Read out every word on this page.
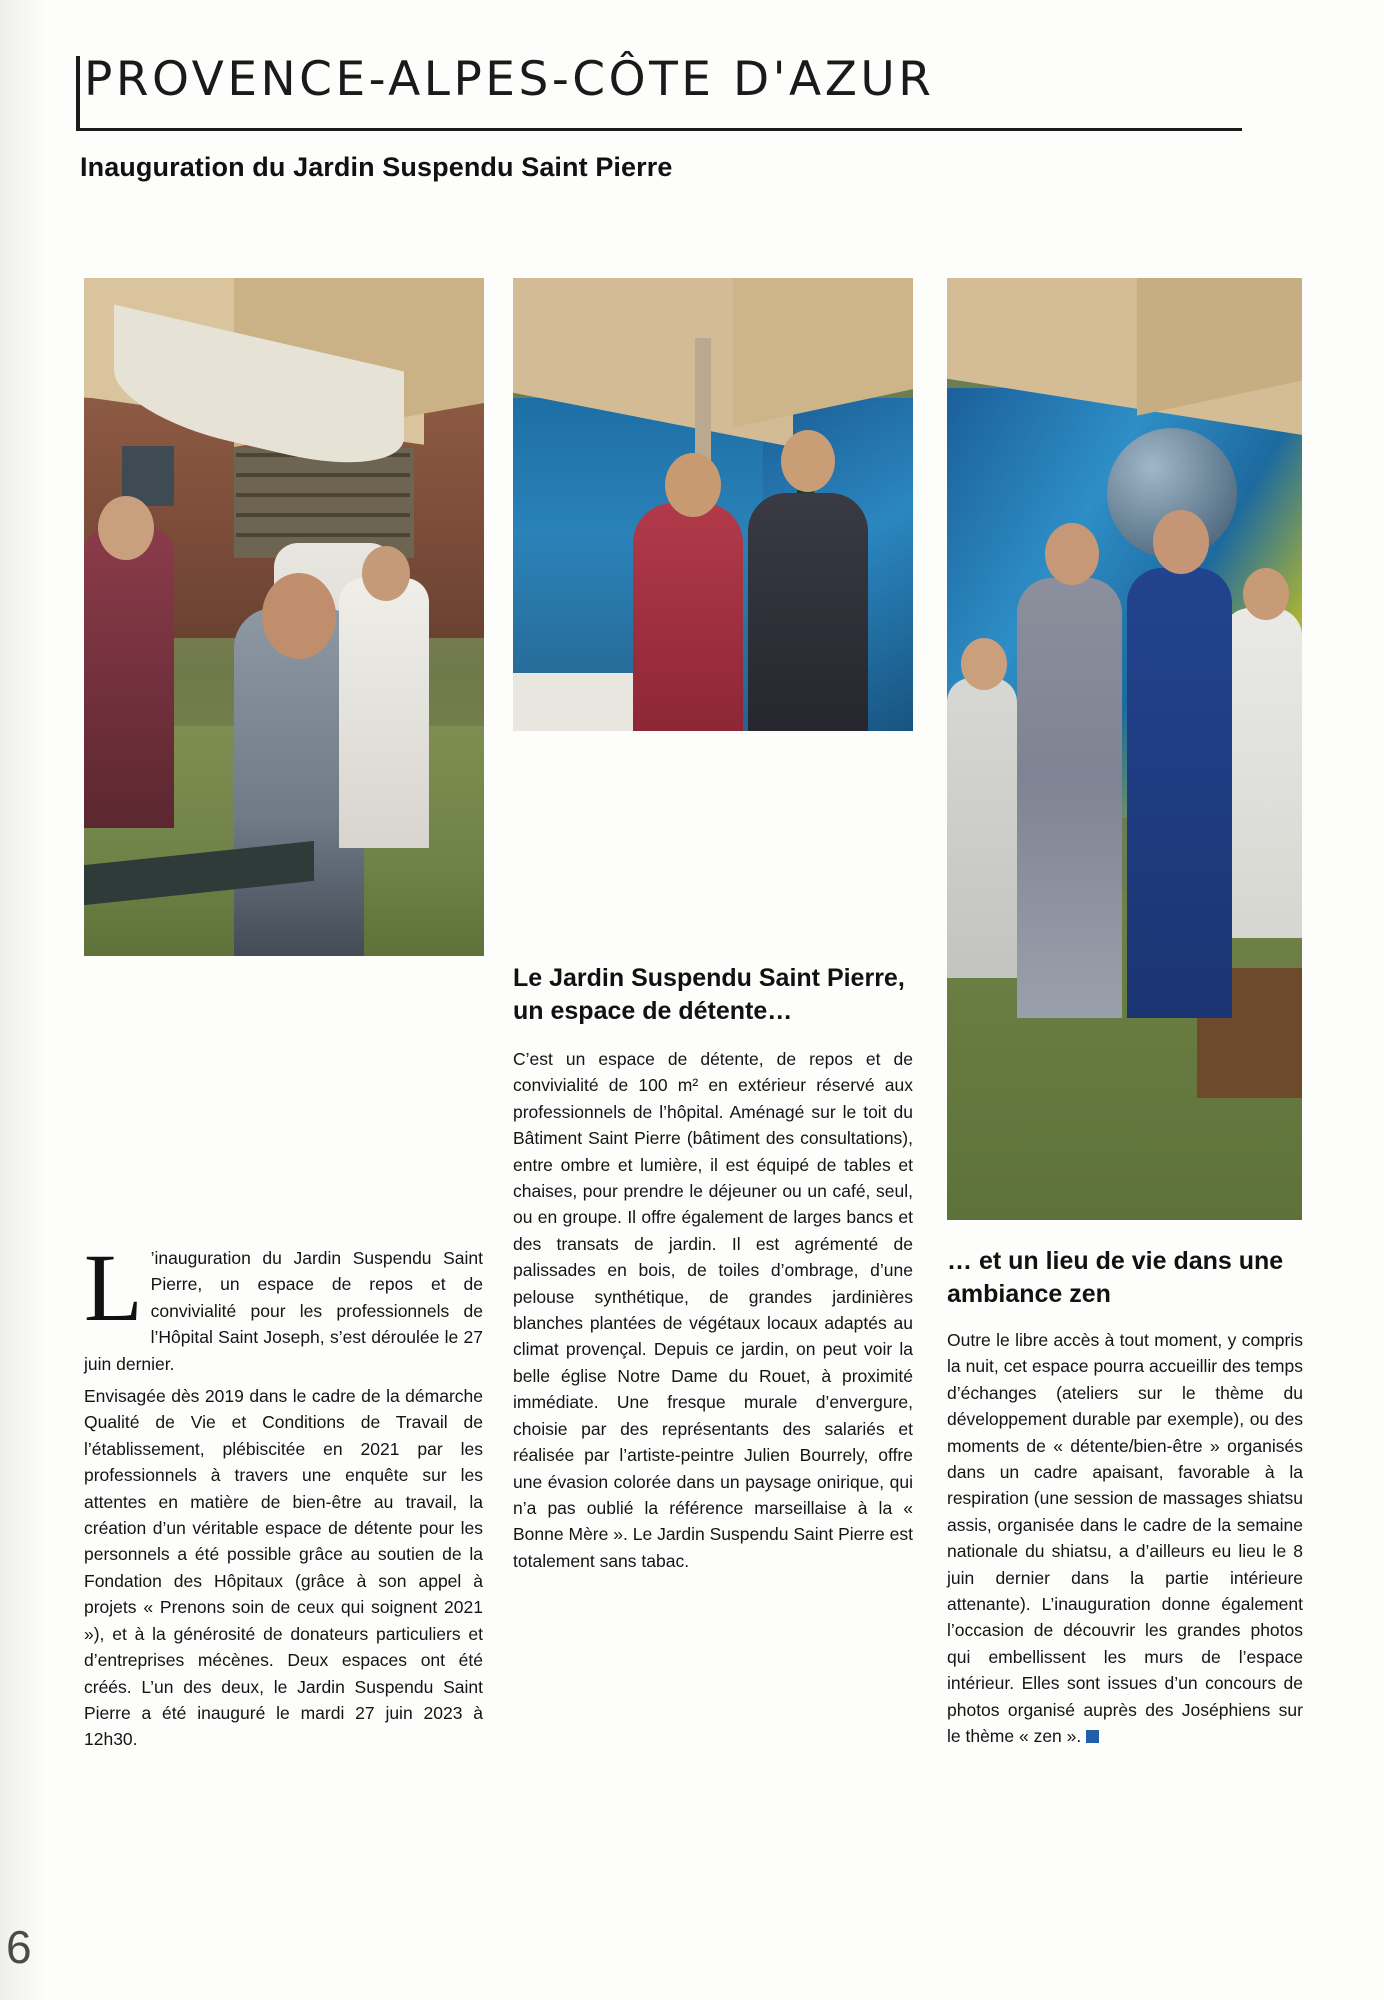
PROVENCE-ALPES-CÔTE D'AZUR
Inauguration du Jardin Suspendu Saint Pierre

L ’inauguration du Jardin Suspendu Saint Pierre, un espace de repos et de convivialité pour les professionnels de l’Hôpital Saint Joseph, s’est déroulée le 27 juin dernier.

Envisagée dès 2019 dans le cadre de la démarche Qualité de Vie et Conditions de Travail de l’établissement, plébiscitée en 2021 par les professionnels à travers une enquête sur les attentes en matière de bien-être au travail, la création d’un véritable espace de détente pour les personnels a été possible grâce au soutien de la Fondation des Hôpitaux (grâce à son appel à projets « Prenons soin de ceux qui soignent 2021 »), et à la générosité de donateurs particuliers et d’entreprises mécènes. Deux espaces ont été créés. L’un des deux, le Jardin Suspendu Saint Pierre a été inauguré le mardi 27 juin 2023 à 12h30.

Le Jardin Suspendu Saint Pierre, un espace de détente…

C’est un espace de détente, de repos et de convivialité de 100 m² en extérieur réservé aux professionnels de l’hôpital. Aménagé sur le toit du Bâtiment Saint Pierre (bâtiment des consultations), entre ombre et lumière, il est équipé de tables et chaises, pour prendre le déjeuner ou un café, seul, ou en groupe. Il offre également de larges bancs et des transats de jardin. Il est agrémenté de palissades en bois, de toiles d’ombrage, d’une pelouse synthétique, de grandes jardinières blanches plantées de végétaux locaux adaptés au climat provençal. Depuis ce jardin, on peut voir la belle église Notre Dame du Rouet, à proximité immédiate. Une fresque murale d’envergure, choisie par des représentants des salariés et réalisée par l’artiste-peintre Julien Bourrely, offre une évasion colorée dans un paysage onirique, qui n’a pas oublié la référence marseillaise à la « Bonne Mère ». Le Jardin Suspendu Saint Pierre est totalement sans tabac.

… et un lieu de vie dans une ambiance zen

Outre le libre accès à tout moment, y compris la nuit, cet espace pourra accueillir des temps d’échanges (ateliers sur le thème du développement durable par exemple), ou des moments de « détente/bien-être » organisés dans un cadre apaisant, favorable à la respiration (une session de massages shiatsu assis, organisée dans le cadre de la semaine nationale du shiatsu, a d’ailleurs eu lieu le 8 juin dernier dans la partie intérieure attenante). L’inauguration donne également l’occasion de découvrir les grandes photos qui embellissent les murs de l’espace intérieur. Elles sont issues d’un concours de photos organisé auprès des Joséphiens sur le thème « zen ».

6
